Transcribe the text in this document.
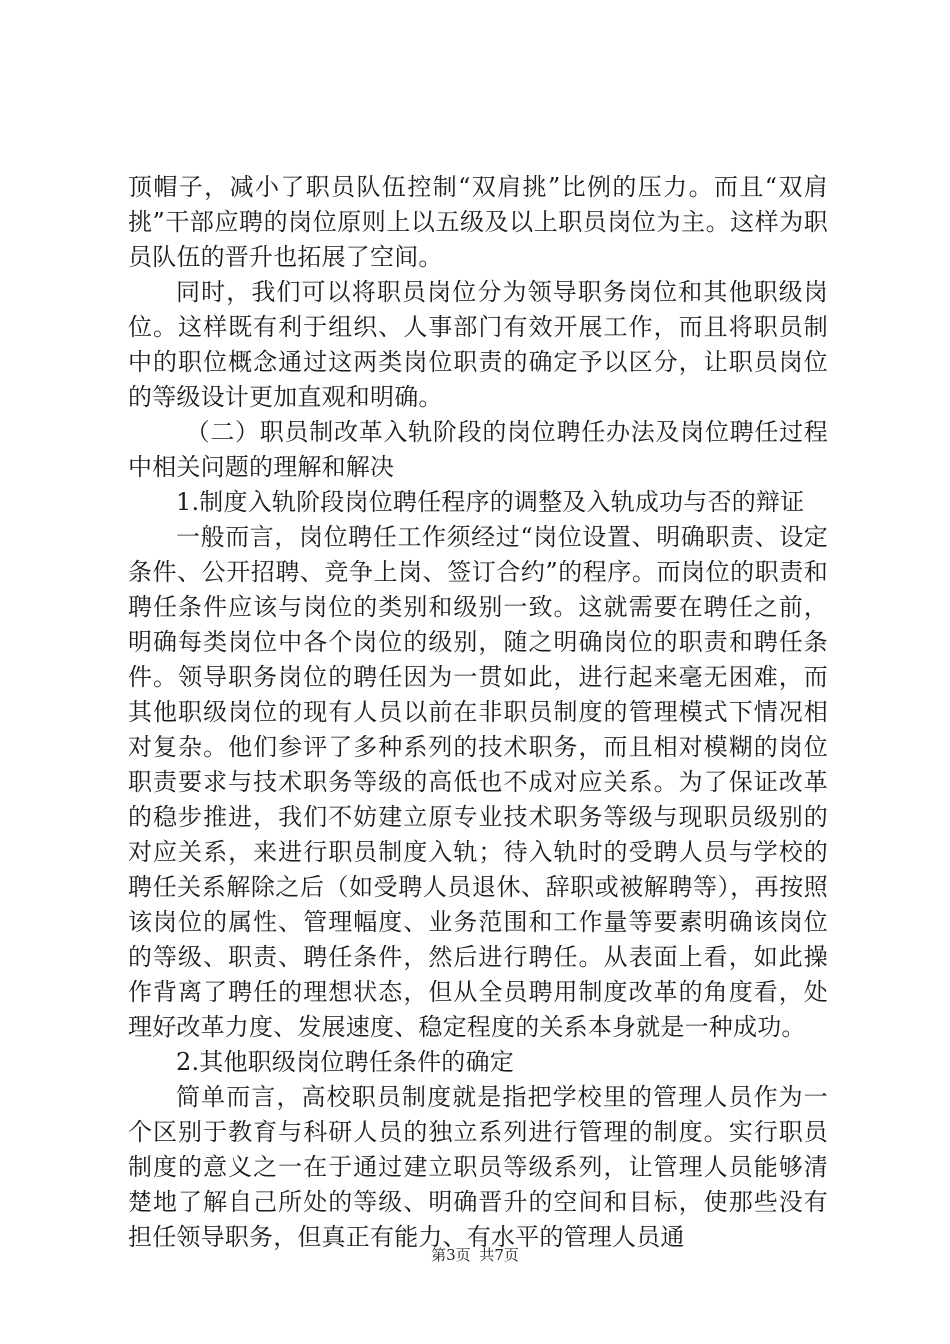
顶帽子，减小了职员队伍控制“双肩挑”比例的压力。而且“双肩挑”干部应聘的岗位原则上以五级及以上职员岗位为主。这样为职员队伍的晋升也拓展了空间。

同时，我们可以将职员岗位分为领导职务岗位和其他职级岗位。这样既有利于组织、人事部门有效开展工作，而且将职员制中的职位概念通过这两类岗位职责的确定予以区分，让职员岗位的等级设计更加直观和明确。

（二）职员制改革入轨阶段的岗位聘任办法及岗位聘任过程中相关问题的理解和解决

1.制度入轨阶段岗位聘任程序的调整及入轨成功与否的辩证

一般而言，岗位聘任工作须经过“岗位设置、明确职责、设定条件、公开招聘、竞争上岗、签订合约”的程序。而岗位的职责和聘任条件应该与岗位的类别和级别一致。这就需要在聘任之前，明确每类岗位中各个岗位的级别，随之明确岗位的职责和聘任条件。领导职务岗位的聘任因为一贯如此，进行起来毫无困难，而其他职级岗位的现有人员以前在非职员制度的管理模式下情况相对复杂。他们参评了多种系列的技术职务，而且相对模糊的岗位职责要求与技术职务等级的高低也不成对应关系。为了保证改革的稳步推进，我们不妨建立原专业技术职务等级与现职员级别的对应关系，来进行职员制度入轨；待入轨时的受聘人员与学校的聘任关系解除之后（如受聘人员退休、辞职或被解聘等），再按照该岗位的属性、管理幅度、业务范围和工作量等要素明确该岗位的等级、职责、聘任条件，然后进行聘任。从表面上看，如此操作背离了聘任的理想状态，但从全员聘用制度改革的角度看，处理好改革力度、发展速度、稳定程度的关系本身就是一种成功。

2.其他职级岗位聘任条件的确定

简单而言，高校职员制度就是指把学校里的管理人员作为一个区别于教育与科研人员的独立系列进行管理的制度。实行职员制度的意义之一在于通过建立职员等级系列，让管理人员能够清楚地了解自己所处的等级、明确晋升的空间和目标，使那些没有担任领导职务，但真正有能力、有水平的管理人员通

第3页 共7页
